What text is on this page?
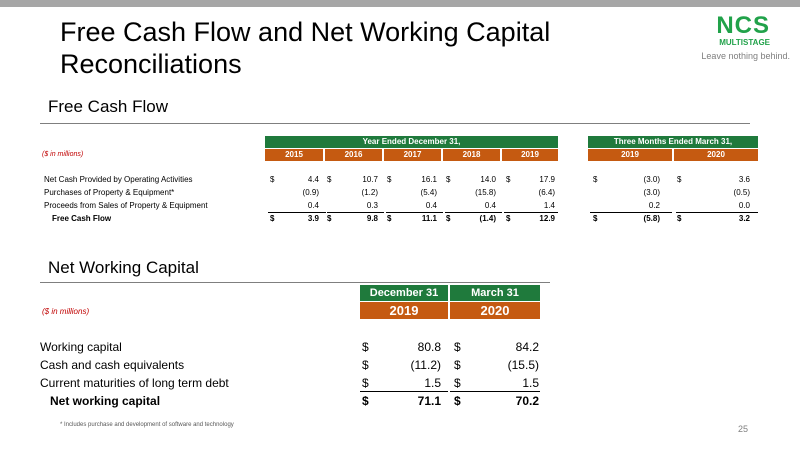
Free Cash Flow and Net Working Capital Reconciliations
NCS
MULTISTAGE
Leave nothing behind.
Free Cash Flow
Year Ended December 31,	Three Months Ended March 31,
2015	2016	2017	2018	2019	2019	2020
($ in millions)
Net Cash Provided by Operating Activities	$	4.4 $	10.7 $	16.1 $	14.0 $	17.9	$	(3.0) $	3.6
Purchases of Property & Equipment*	(0.9)	(1.2)	(5.4)	(15.8)	(6.4)	(3.0)	(0.5)
Proceeds from Sales of Property & Equipment	0.4	0.3	0.4	0.4	1.4	0.2	0.0
Free Cash Flow	$	3.9 $	9.8 $	11.1 $	(1.4) $	12.9	$	(5.8) $	3.2
Net Working Capital
December 31	March 31
2019	2020
($ in millions)
Working capital	$	80.8 $	84.2
Cash and cash equivalents	$	(11.2) $	(15.5)
Current maturities of long term debt	$	1.5 $	1.5
Net working capital	$	71.1 $	70.2
* Includes purchase and development of software and technology	25
